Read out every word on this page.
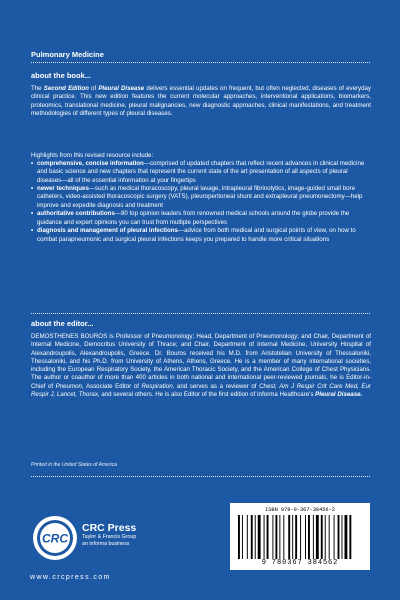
Pulmonary Medicine
about the book...

The Second Edition of Pleural Disease delivers essential updates on frequent, but often neglected, diseases of everyday clinical practice. This new edition features the current molecular approaches, interventional applications, biomarkers, proteomics, translational medicine, pleural malignancies, new diagnostic approaches, clinical manifestations, and treatment methodologies of different types of pleural diseases.

Highlights from this revised resource include:

• comprehensive, concise information—comprised of updated chapters that reflect recent advances in clinical medicine and basic science and new chapters that represent the current state of the art presentation of all aspects of pleural diseases—all of the essential information at your fingertips
• newer techniques—such as medical thoracoscopy, pleural lavage, intrapleural fibrinolytics, image-guided small bore catheters, video-assisted thoracoscopic surgery (VATS), pleuroperitoneal shunt and extrapleural pneumonectomy—help improve and expedite diagnosis and treatment
• authoritative contributions—80 top opinion leaders from renowned medical schools around the globe provide the guidance and expert opinions you can trust from multiple perspectives
• diagnosis and management of pleural infections—advice from both medical and surgical points of view, on how to combat parapneumonic and surgical pleural infections keeps you prepared to handle more critical situations
about the editor...

DEMOSTHENES BOUROS is Professor of Pneumonology; Head, Department of Pneumonology; and Chair, Department of Internal Medicine, Democritus University of Thrace; and Chair, Department of Internal Medicine, University Hospital of Alexandroupolis, Alexandroupolis, Greece. Dr. Bouros received his M.D. from Aristotelian University of Thessaloniki, Thessaloniki, and his Ph.D. from University of Athens, Athens, Greece. He is a member of many international societies, including the European Respiratory Society, the American Thoracic Society, and the American College of Chest Physicians. The author or coauthor of more than 400 articles in both national and international peer-reviewed journals, he is Editor-in-Chief of Pneumon, Associate Editor of Respiration, and serves as a reviewer of Chest, Am J Respir Crit Care Med, Eur Respir J, Lancet, Thorax, and several others. He is also Editor of the first edition of Informa Healthcare's Pleural Disease.

Printed in the United States of America
CRC
CRC Press
Taylor & Francis Group
an informa business
www.crcpress.com
ISBN 978-0-367-38456-2
9 780367 384562
